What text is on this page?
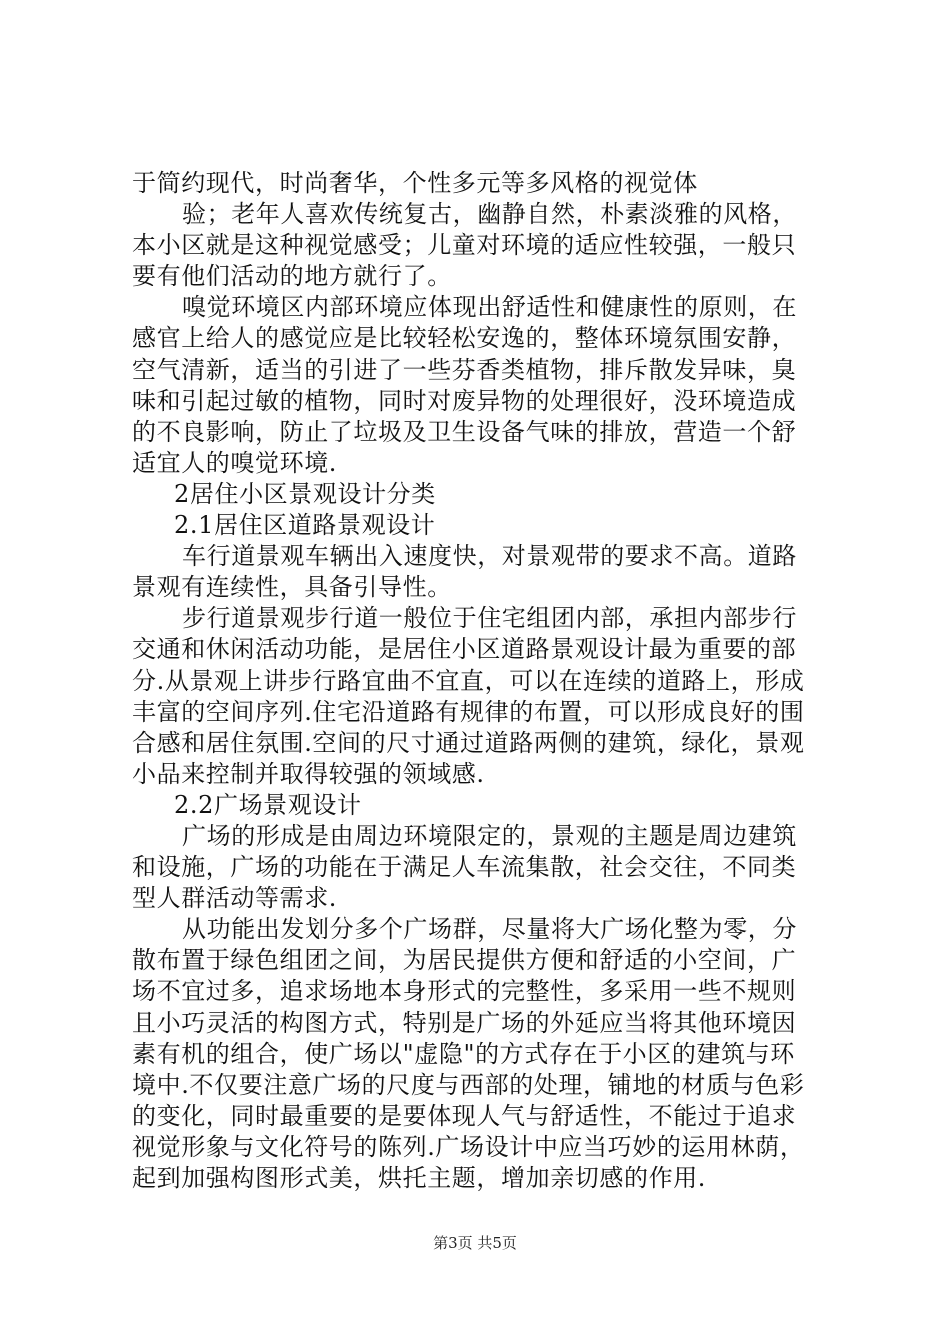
于简约现代，时尚奢华，个性多元等多风格的视觉体
验；老年人喜欢传统复古，幽静自然，朴素淡雅的风格，
本小区就是这种视觉感受；儿童对环境的适应性较强，一般只
要有他们活动的地方就行了。
嗅觉环境区内部环境应体现出舒适性和健康性的原则，在
感官上给人的感觉应是比较轻松安逸的，整体环境氛围安静，
空气清新，适当的引进了一些芬香类植物，排斥散发异味，臭
味和引起过敏的植物，同时对废异物的处理很好，没环境造成
的不良影响，防止了垃圾及卫生设备气味的排放，营造一个舒
适宜人的嗅觉环境.
2居住小区景观设计分类
2.1居住区道路景观设计
车行道景观车辆出入速度快，对景观带的要求不高。道路
景观有连续性，具备引导性。
步行道景观步行道一般位于住宅组团内部，承担内部步行
交通和休闲活动功能，是居住小区道路景观设计最为重要的部
分.从景观上讲步行路宜曲不宜直，可以在连续的道路上，形成
丰富的空间序列.住宅沿道路有规律的布置，可以形成良好的围
合感和居住氛围.空间的尺寸通过道路两侧的建筑，绿化，景观
小品来控制并取得较强的领域感.
2.2广场景观设计
广场的形成是由周边环境限定的，景观的主题是周边建筑
和设施，广场的功能在于满足人车流集散，社会交往，不同类
型人群活动等需求.
从功能出发划分多个广场群，尽量将大广场化整为零，分
散布置于绿色组团之间，为居民提供方便和舒适的小空间，广
场不宜过多，追求场地本身形式的完整性，多采用一些不规则
且小巧灵活的构图方式，特别是广场的外延应当将其他环境因
素有机的组合，使广场以"虚隐"的方式存在于小区的建筑与环
境中.不仅要注意广场的尺度与西部的处理，铺地的材质与色彩
的变化，同时最重要的是要体现人气与舒适性，不能过于追求
视觉形象与文化符号的陈列.广场设计中应当巧妙的运用林荫，
起到加强构图形式美，烘托主题，增加亲切感的作用.
第3页 共5页
